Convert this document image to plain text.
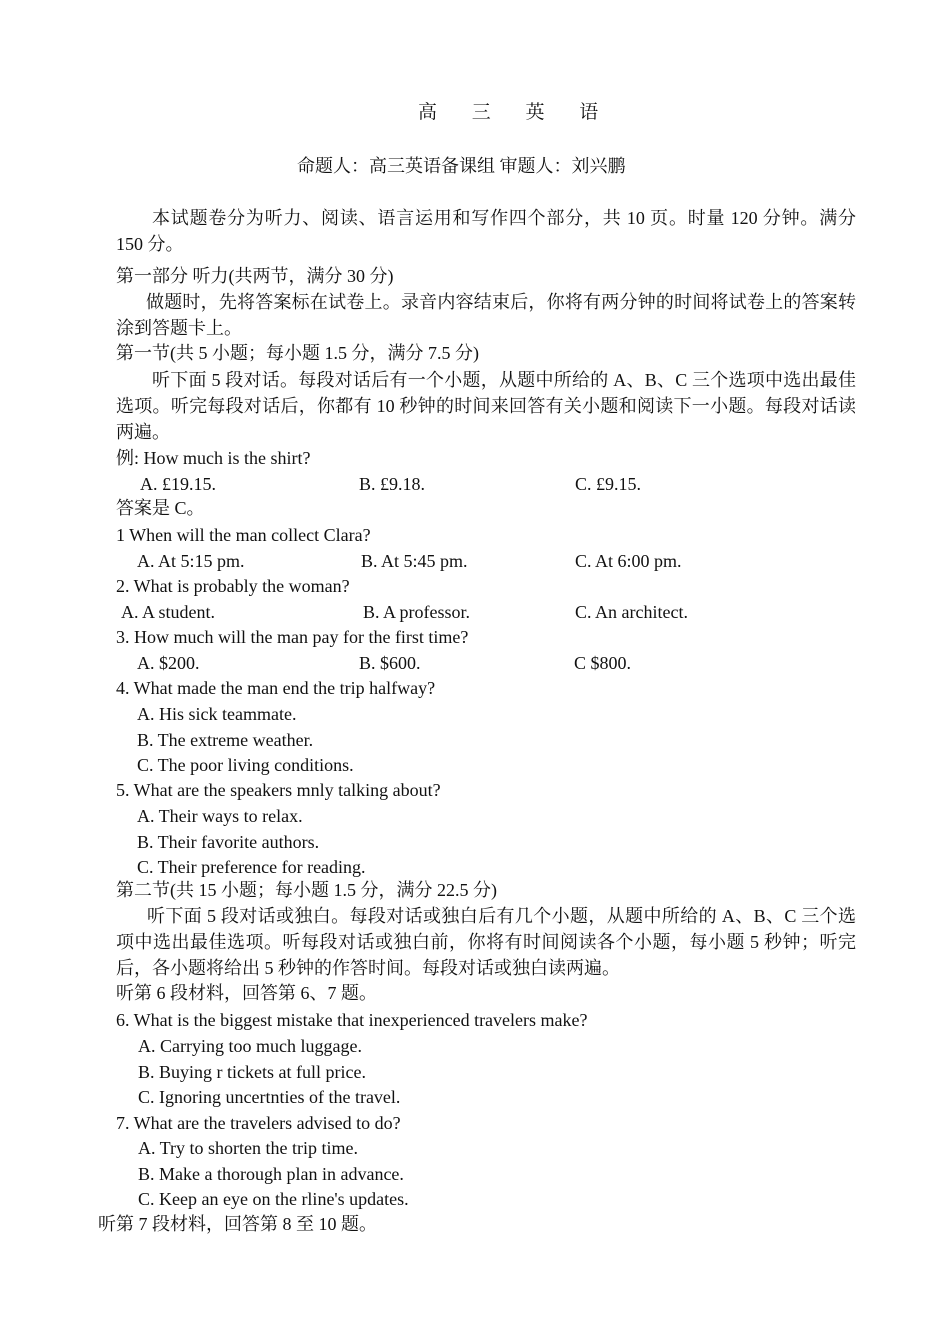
高 三 英 语
命题人：高三英语备课组 审题人：刘兴鹏
本试题卷分为听力、阅读、语言运用和写作四个部分，共 10 页。时量 120 分钟。满分 150 分。
第一部分 听力(共两节，满分 30 分)
做题时，先将答案标在试卷上。录音内容结束后，你将有两分钟的时间将试卷上的答案转涂到答题卡上。
第一节(共 5 小题；每小题 1.5 分，满分 7.5 分)
听下面 5 段对话。每段对话后有一个小题，从题中所给的 A、B、C 三个选项中选出最佳选项。听完每段对话后，你都有 10 秒钟的时间来回答有关小题和阅读下一小题。每段对话读两遍。
例: How much is the shirt?
A. £19.15.	B. £9.18.	C. £9.15.
答案是 C。
1 When will the man collect Clara?
A. At 5:15 pm.	B. At 5:45 pm.	C. At 6:00 pm.
2. What is probably the woman?
A. A student.	B. A professor.	C. An architect.
3. How much will the man pay for the first time?
A. $200.	B. $600.	C $800.
4. What made the man end the trip halfway?
A. His sick teammate.
B. The extreme weather.
C. The poor living conditions.
5. What are the speakers mnly talking about?
A. Their ways to relax.
B. Their favorite authors.
C. Their preference for reading.
第二节(共 15 小题；每小题 1.5 分，满分 22.5 分)
听下面 5 段对话或独白。每段对话或独白后有几个小题，从题中所给的 A、B、C 三个选项中选出最佳选项。听每段对话或独白前，你将有时间阅读各个小题，每小题 5 秒钟；听完后，各小题将给出 5 秒钟的作答时间。每段对话或独白读两遍。
听第 6 段材料，回答第 6、7 题。
6. What is the biggest mistake that inexperienced travelers make?
A. Carrying too much luggage.
B. Buying r tickets at full price.
C. Ignoring uncertnties of the travel.
7. What are the travelers advised to do?
A. Try to shorten the trip time.
B. Make a thorough plan in advance.
C. Keep an eye on the rline's updates.
听第 7 段材料，回答第 8 至 10 题。
